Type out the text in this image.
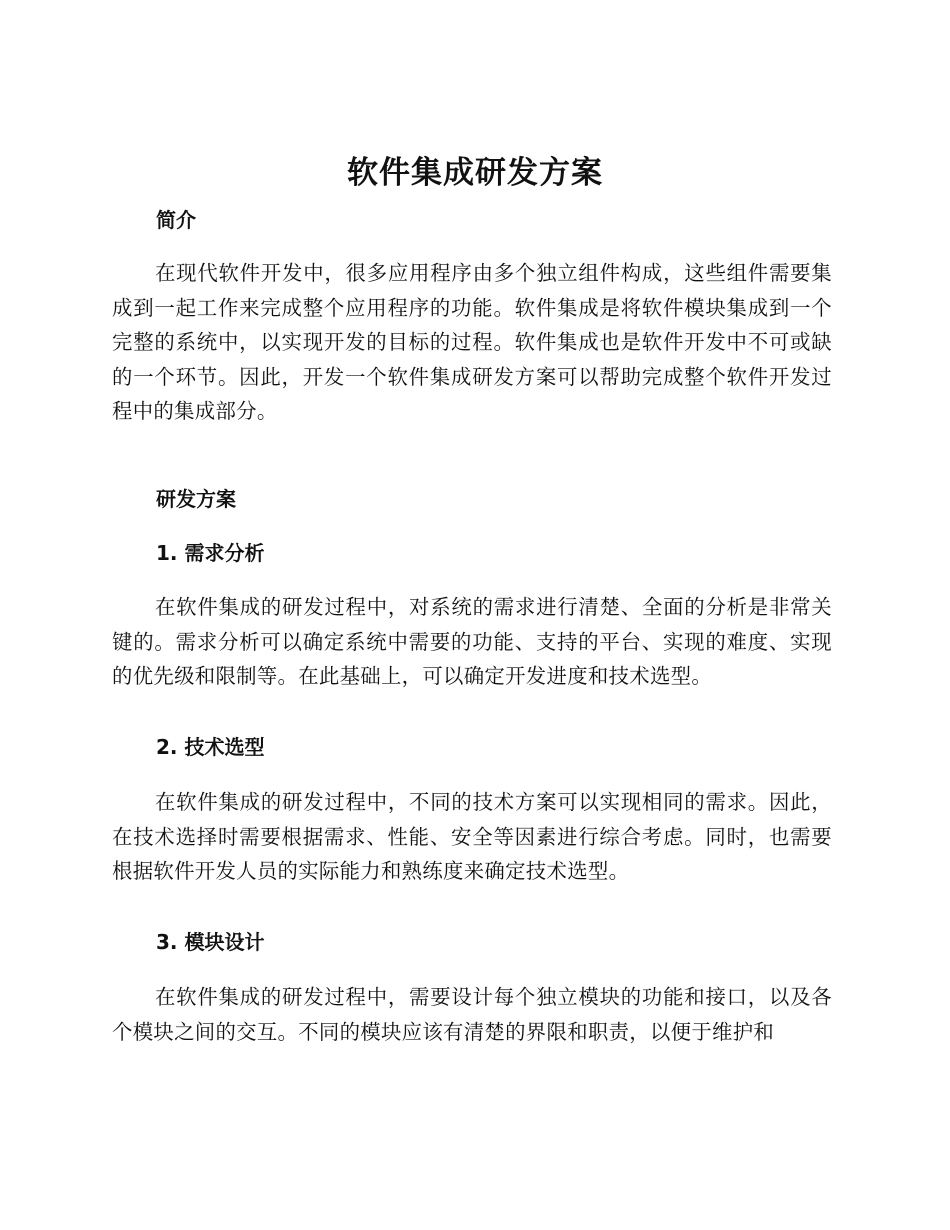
软件集成研发方案
简介

在现代软件开发中，很多应用程序由多个独立组件构成，这些组件需要集成到一起工作来完成整个应用程序的功能。软件集成是将软件模块集成到一个完整的系统中，以实现开发的目标的过程。软件集成也是软件开发中不可或缺的一个环节。因此，开发一个软件集成研发方案可以帮助完成整个软件开发过程中的集成部分。

研发方案
1. 需求分析

在软件集成的研发过程中，对系统的需求进行清楚、全面的分析是非常关键的。需求分析可以确定系统中需要的功能、支持的平台、实现的难度、实现的优先级和限制等。在此基础上，可以确定开发进度和技术选型。

2. 技术选型

在软件集成的研发过程中，不同的技术方案可以实现相同的需求。因此，在技术选择时需要根据需求、性能、安全等因素进行综合考虑。同时，也需要根据软件开发人员的实际能力和熟练度来确定技术选型。

3. 模块设计

在软件集成的研发过程中，需要设计每个独立模块的功能和接口，以及各个模块之间的交互。不同的模块应该有清楚的界限和职责，以便于维护和
